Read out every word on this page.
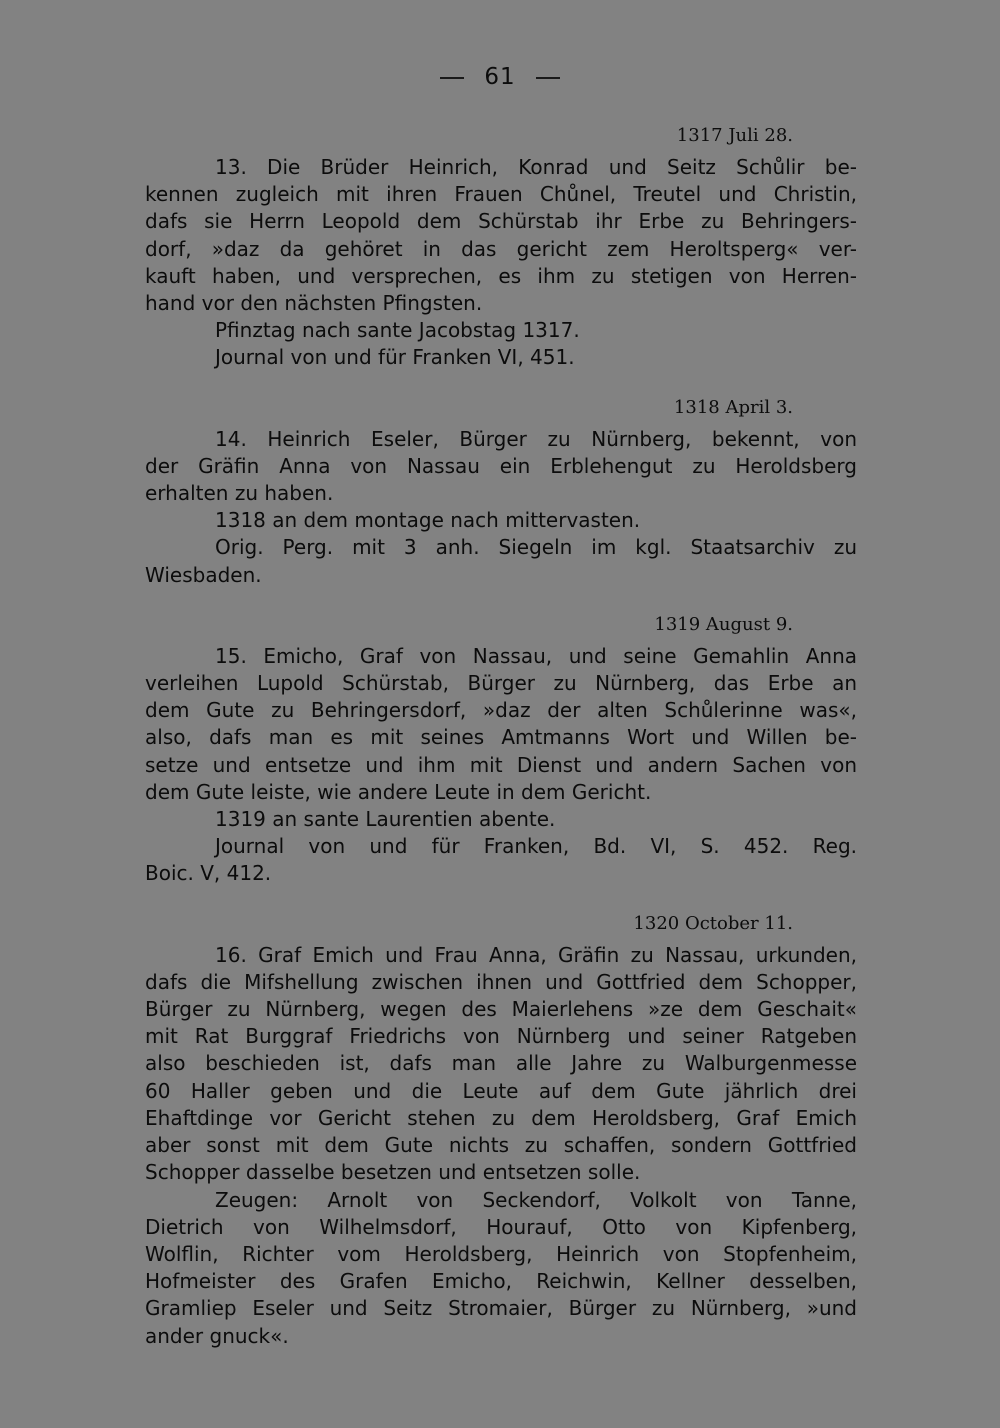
61
1317 Juli 28.

13. Die Brüder Heinrich, Konrad und Seitz Schůlir be-

kennen zugleich mit ihren Frauen Chůnel, Treutel und Christin,

dafs sie Herrn Leopold dem Schürstab ihr Erbe zu Behringers-

dorf, »daz da gehöret in das gericht zem Heroltsperg« ver-

kauft haben, und versprechen, es ihm zu stetigen von Herren-

hand vor den nächsten Pfingsten.

Pfinztag nach sante Jacobstag 1317.

Journal von und für Franken VI, 451.

1318 April 3.

14. Heinrich Eseler, Bürger zu Nürnberg, bekennt, von

der Gräfin Anna von Nassau ein Erblehengut zu Heroldsberg

erhalten zu haben.

1318 an dem montage nach mittervasten.

Orig. Perg. mit 3 anh. Siegeln im kgl. Staatsarchiv zu

Wiesbaden.

1319 August 9.

15. Emicho, Graf von Nassau, und seine Gemahlin Anna

verleihen Lupold Schürstab, Bürger zu Nürnberg, das Erbe an

dem Gute zu Behringersdorf, »daz der alten Schůlerinne was«,

also, dafs man es mit seines Amtmanns Wort und Willen be-

setze und entsetze und ihm mit Dienst und andern Sachen von

dem Gute leiste, wie andere Leute in dem Gericht.

1319 an sante Laurentien abente.

Journal von und für Franken, Bd. VI, S. 452. Reg.

Boic. V, 412.

1320 October 11.

16. Graf Emich und Frau Anna, Gräfin zu Nassau, urkunden,

dafs die Mifshellung zwischen ihnen und Gottfried dem Schopper,

Bürger zu Nürnberg, wegen des Maierlehens »ze dem Geschait«

mit Rat Burggraf Friedrichs von Nürnberg und seiner Ratgeben

also beschieden ist, dafs man alle Jahre zu Walburgenmesse

60 Haller geben und die Leute auf dem Gute jährlich drei

Ehaftdinge vor Gericht stehen zu dem Heroldsberg, Graf Emich

aber sonst mit dem Gute nichts zu schaffen, sondern Gottfried

Schopper dasselbe besetzen und entsetzen solle.

Zeugen: Arnolt von Seckendorf, Volkolt von Tanne,

Dietrich von Wilhelmsdorf, Hourauf, Otto von Kipfenberg,

Wolflin, Richter vom Heroldsberg, Heinrich von Stopfenheim,

Hofmeister des Grafen Emicho, Reichwin, Kellner desselben,

Gramliep Eseler und Seitz Stromaier, Bürger zu Nürnberg, »und

ander gnuck«.
